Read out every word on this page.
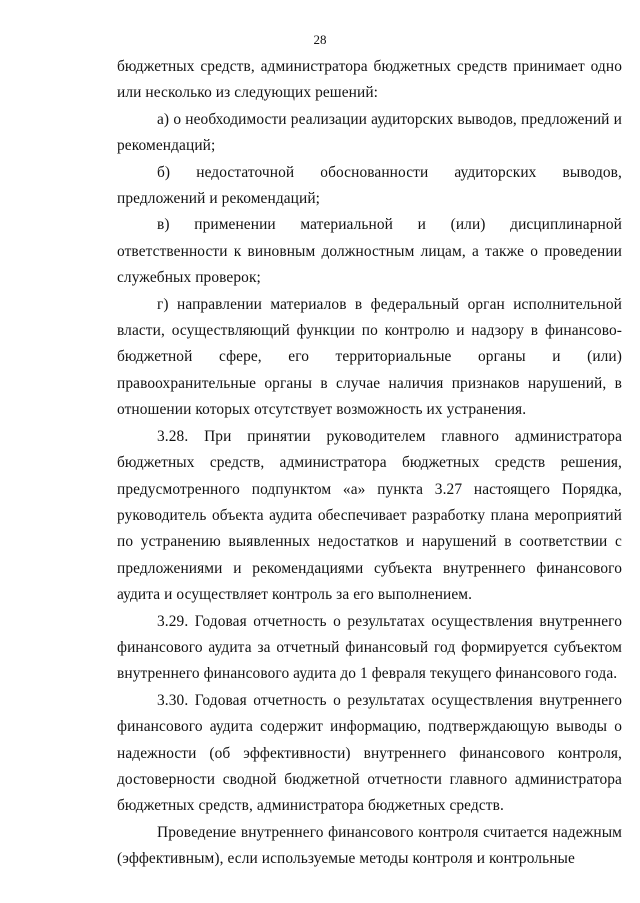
28

бюджетных средств, администратора бюджетных средств принимает одно или несколько из следующих решений:

а) о необходимости реализации аудиторских выводов, предложений и рекомендаций;

б) недостаточной обоснованности аудиторских выводов, предложений и рекомендаций;

в) применении материальной и (или) дисциплинарной ответственности к виновным должностным лицам, а также о проведении служебных проверок;

г) направлении материалов в федеральный орган исполнительной власти, осуществляющий функции по контролю и надзору в финансово-бюджетной сфере, его территориальные органы и (или) правоохранительные органы в случае наличия признаков нарушений, в отношении которых отсутствует возможность их устранения.

3.28. При принятии руководителем главного администратора бюджетных средств, администратора бюджетных средств решения, предусмотренного подпунктом «а» пункта 3.27 настоящего Порядка, руководитель объекта аудита обеспечивает разработку плана мероприятий по устранению выявленных недостатков и нарушений в соответствии с предложениями и рекомендациями субъекта внутреннего финансового аудита и осуществляет контроль за его выполнением.

3.29. Годовая отчетность о результатах осуществления внутреннего финансового аудита за отчетный финансовый год формируется субъектом внутреннего финансового аудита до 1 февраля текущего финансового года.

3.30. Годовая отчетность о результатах осуществления внутреннего финансового аудита содержит информацию, подтверждающую выводы о надежности (об эффективности) внутреннего финансового контроля, достоверности сводной бюджетной отчетности главного администратора бюджетных средств, администратора бюджетных средств.

Проведение внутреннего финансового контроля считается надежным (эффективным), если используемые методы контроля и контрольные
